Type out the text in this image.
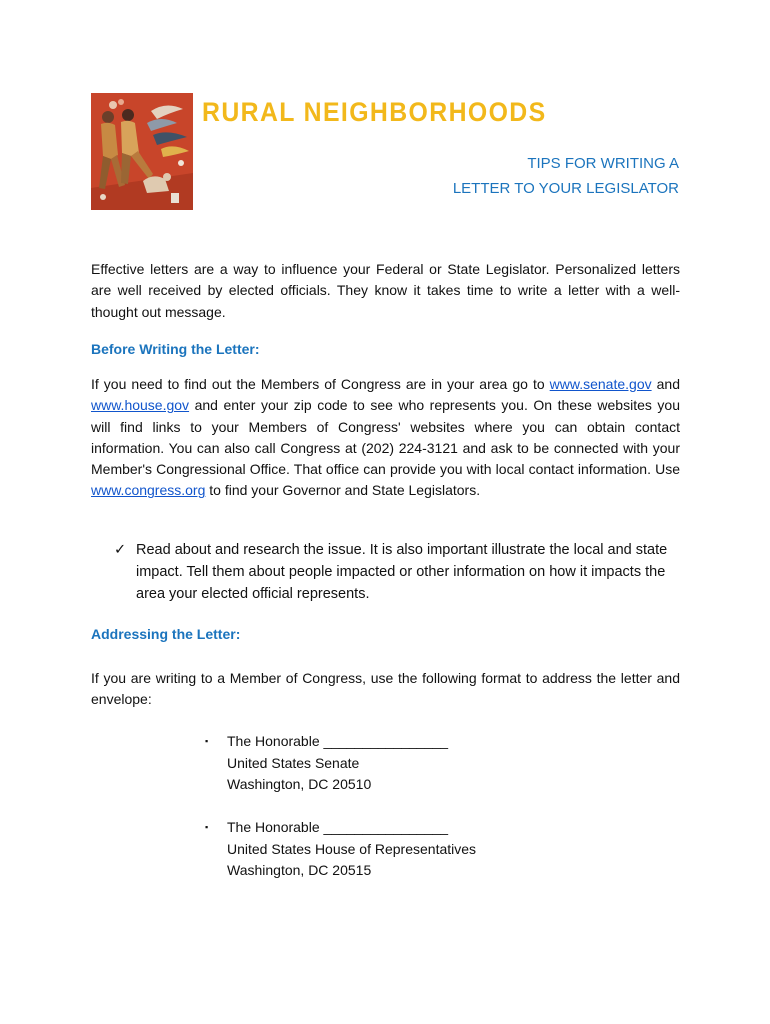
RURAL NEIGHBORHOODS
TIPS FOR WRITING A
LETTER TO YOUR LEGISLATOR

Effective letters are a way to influence your Federal or State Legislator. Personalized letters are well received by elected officials. They know it takes time to write a letter with a well-thought out message.

Before Writing the Letter:

If you need to find out the Members of Congress are in your area go to www.senate.gov and www.house.gov and enter your zip code to see who represents you. On these websites you will find links to your Members of Congress' websites where you can obtain contact information. You can also call Congress at (202) 224-3121 and ask to be connected with your Member's Congressional Office. That office can provide you with local contact information. Use www.congress.org to find your Governor and State Legislators.

✓ Read about and research the issue. It is also important illustrate the local and state impact. Tell them about people impacted or other information on how it impacts the area your elected official represents.
Addressing the Letter:

If you are writing to a Member of Congress, use the following format to address the letter and envelope:

▪ The Honorable ________________
United States Senate
Washington, DC 20510
▪ The Honorable ________________
United States House of Representatives
Washington, DC 20515
